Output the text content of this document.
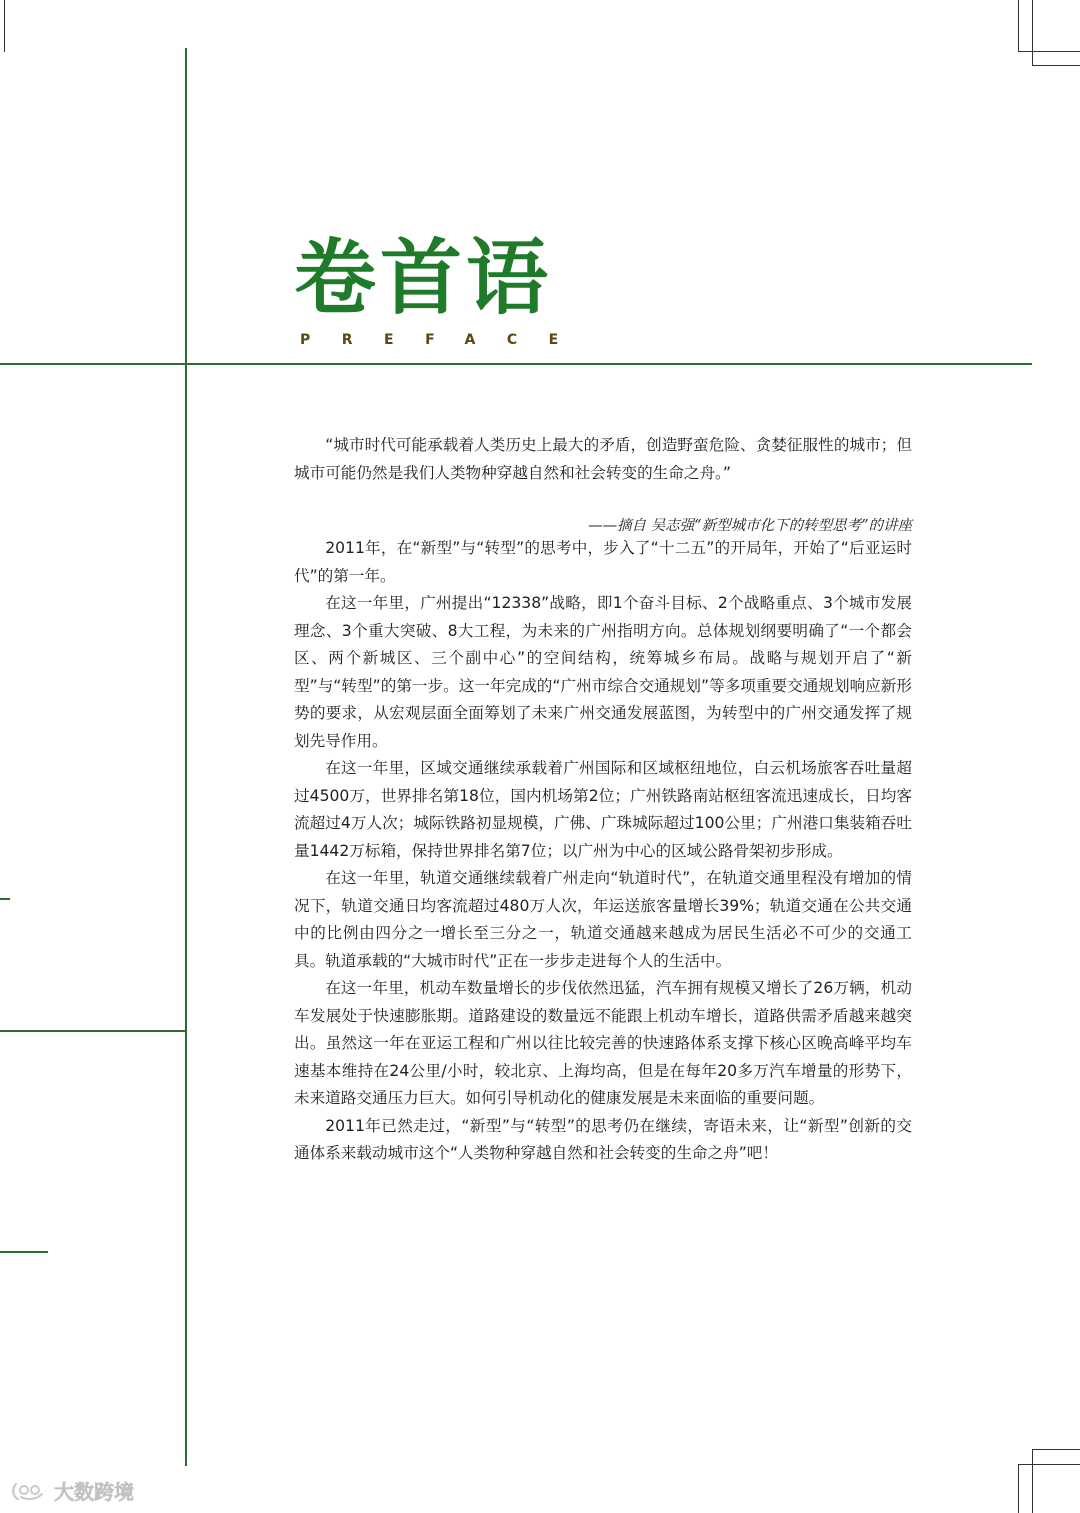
卷首语
PREFACE

“城市时代可能承载着人类历史上最大的矛盾，创造野蛮危险、贪婪征服性的城市；但城市可能仍然是我们人类物种穿越自然和社会转变的生命之舟。”

——摘自 吴志强“新型城市化下的转型思考”的讲座

2011年，在“新型”与“转型”的思考中，步入了“十二五”的开局年，开始了“后亚运时代”的第一年。

在这一年里，广州提出“12338”战略，即1个奋斗目标、2个战略重点、3个城市发展理念、3个重大突破、8大工程，为未来的广州指明方向。总体规划纲要明确了“一个都会区、两个新城区、三个副中心”的空间结构，统筹城乡布局。战略与规划开启了“新型”与“转型”的第一步。这一年完成的“广州市综合交通规划”等多项重要交通规划响应新形势的要求，从宏观层面全面筹划了未来广州交通发展蓝图，为转型中的广州交通发挥了规划先导作用。

在这一年里，区域交通继续承载着广州国际和区域枢纽地位，白云机场旅客吞吐量超过4500万，世界排名第18位，国内机场第2位；广州铁路南站枢纽客流迅速成长，日均客流超过4万人次；城际铁路初显规模，广佛、广珠城际超过100公里；广州港口集装箱吞吐量1442万标箱，保持世界排名第7位；以广州为中心的区域公路骨架初步形成。

在这一年里，轨道交通继续载着广州走向“轨道时代”，在轨道交通里程没有增加的情况下，轨道交通日均客流超过480万人次，年运送旅客量增长39%；轨道交通在公共交通中的比例由四分之一增长至三分之一，轨道交通越来越成为居民生活必不可少的交通工具。轨道承载的“大城市时代”正在一步步走进每个人的生活中。

在这一年里，机动车数量增长的步伐依然迅猛，汽车拥有规模又增长了26万辆，机动车发展处于快速膨胀期。道路建设的数量远不能跟上机动车增长，道路供需矛盾越来越突出。虽然这一年在亚运工程和广州以往比较完善的快速路体系支撑下核心区晚高峰平均车速基本维持在24公里/小时，较北京、上海均高，但是在每年20多万汽车增量的形势下，未来道路交通压力巨大。如何引导机动化的健康发展是未来面临的重要问题。

2011年已然走过，“新型”与“转型”的思考仍在继续，寄语未来，让“新型”创新的交通体系来载动城市这个“人类物种穿越自然和社会转变的生命之舟”吧！

大数跨境
